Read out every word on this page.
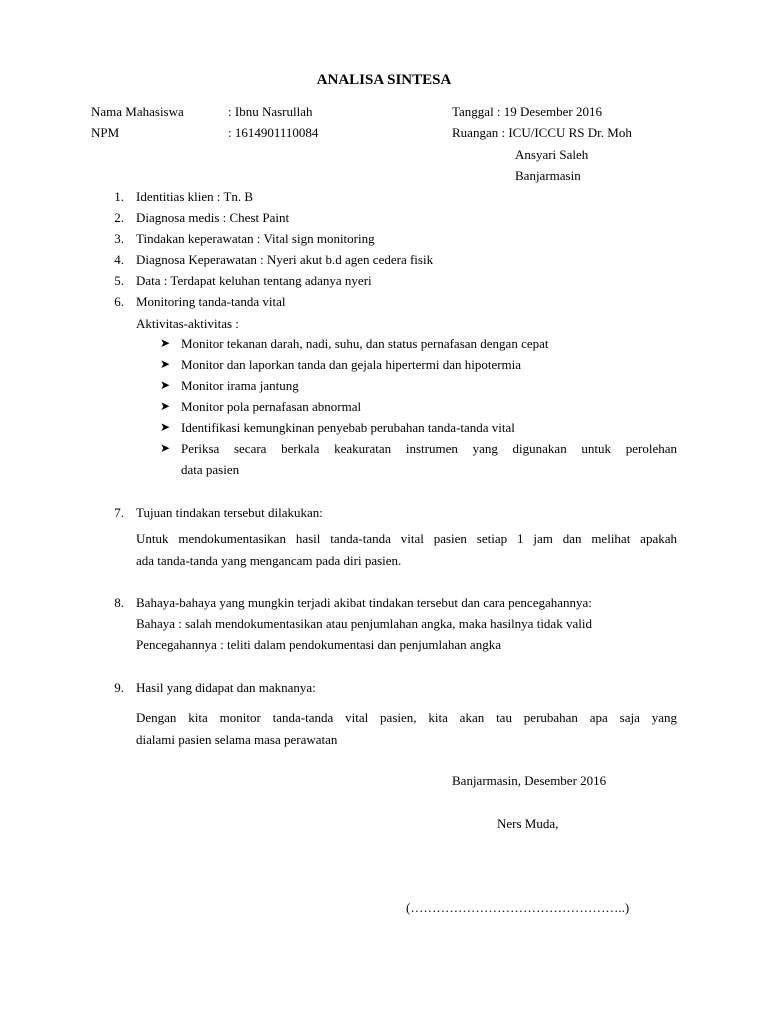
ANALISA SINTESA
Nama Mahasiswa	: Ibnu Nasrullah	Tanggal : 19 Desember 2016
NPM	: 1614901110084	Ruangan : ICU/ICCU RS Dr. Moh
Ansyari Saleh
Banjarmasin
1. Identitias klien : Tn. B
2. Diagnosa medis : Chest Paint
3. Tindakan keperawatan : Vital sign monitoring
4. Diagnosa Keperawatan : Nyeri akut b.d agen cedera fisik
5. Data : Terdapat keluhan tentang adanya nyeri
6. Monitoring tanda-tanda vital
Aktivitas-aktivitas :
➤ Monitor tekanan darah, nadi, suhu, dan status pernafasan dengan cepat
➤ Monitor dan laporkan tanda dan gejala hipertermi dan hipotermia
➤ Monitor irama jantung
➤ Monitor pola pernafasan abnormal
➤ Identifikasi kemungkinan penyebab perubahan tanda-tanda vital
➤ Periksa secara berkala keakuratan instrumen yang digunakan untuk perolehan
data pasien
7. Tujuan tindakan tersebut dilakukan:
Untuk mendokumentasikan hasil tanda-tanda vital pasien setiap 1 jam dan melihat apakah
ada tanda-tanda yang mengancam pada diri pasien.
8. Bahaya-bahaya yang mungkin terjadi akibat tindakan tersebut dan cara pencegahannya:
Bahaya : salah mendokumentasikan atau penjumlahan angka, maka hasilnya tidak valid
Pencegahannya : teliti dalam pendokumentasi dan penjumlahan angka
9. Hasil yang didapat dan maknanya:
Dengan kita monitor tanda-tanda vital pasien, kita akan tau perubahan apa saja yang
dialami pasien selama masa perawatan
Banjarmasin, Desember 2016
Ners Muda,
(…………………………………………..)
